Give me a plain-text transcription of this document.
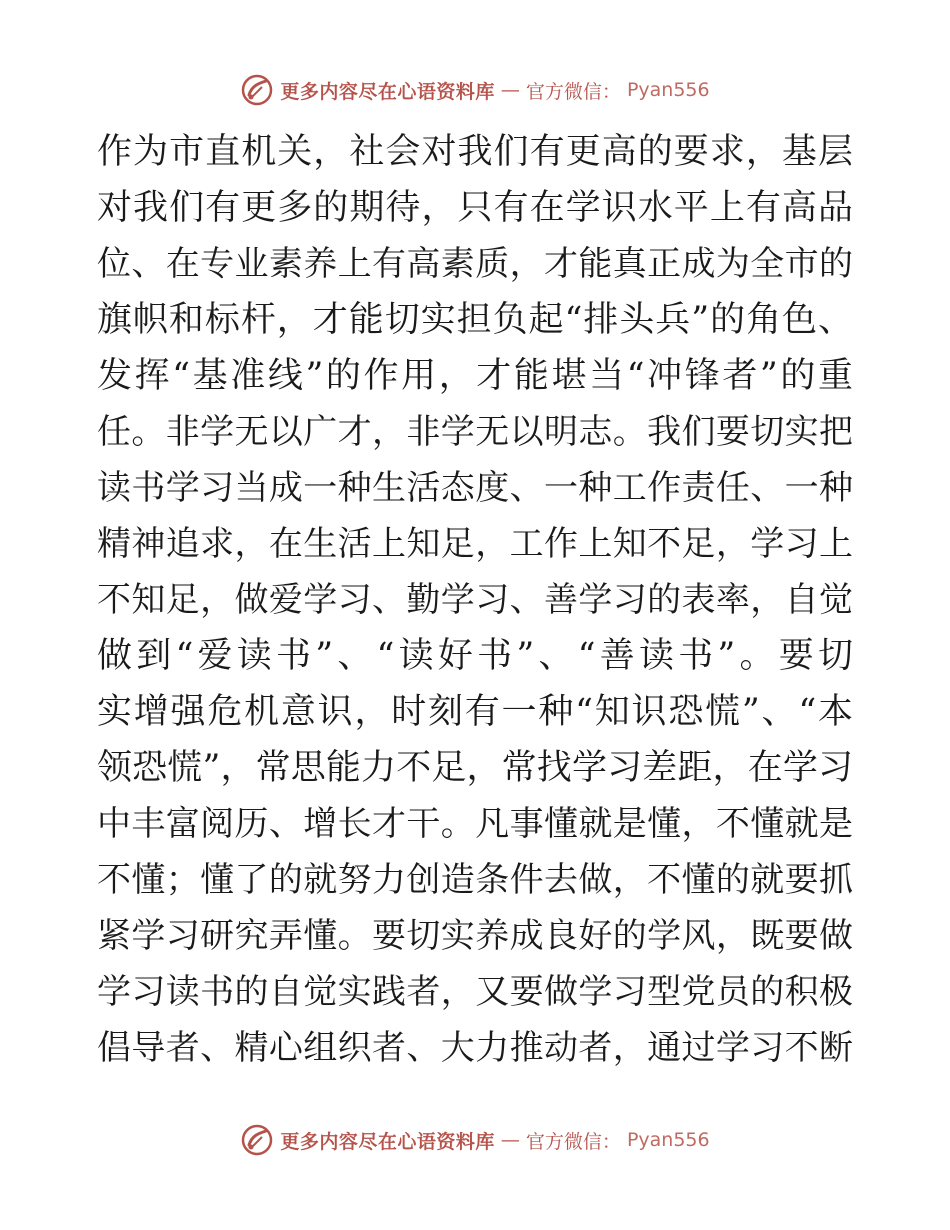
更多内容尽在心语资料库 — 官方微信： Pyan556
作为市直机关，社会对我们有更高的要求，基层
对我们有更多的期待，只有在学识水平上有高品
位、在专业素养上有高素质，才能真正成为全市的
旗帜和标杆，才能切实担负起“排头兵”的角色、
发挥“基准线”的作用，才能堪当“冲锋者”的重
任。非学无以广才，非学无以明志。我们要切实把
读书学习当成一种生活态度、一种工作责任、一种
精神追求，在生活上知足，工作上知不足，学习上
不知足，做爱学习、勤学习、善学习的表率，自觉
做到“爱读书”、“读好书”、“善读书”。要切
实增强危机意识，时刻有一种“知识恐慌”、“本
领恐慌”，常思能力不足，常找学习差距，在学习
中丰富阅历、增长才干。凡事懂就是懂，不懂就是
不懂；懂了的就努力创造条件去做，不懂的就要抓
紧学习研究弄懂。要切实养成良好的学风，既要做
学习读书的自觉实践者，又要做学习型党员的积极
倡导者、精心组织者、大力推动者，通过学习不断
更多内容尽在心语资料库 — 官方微信： Pyan556
